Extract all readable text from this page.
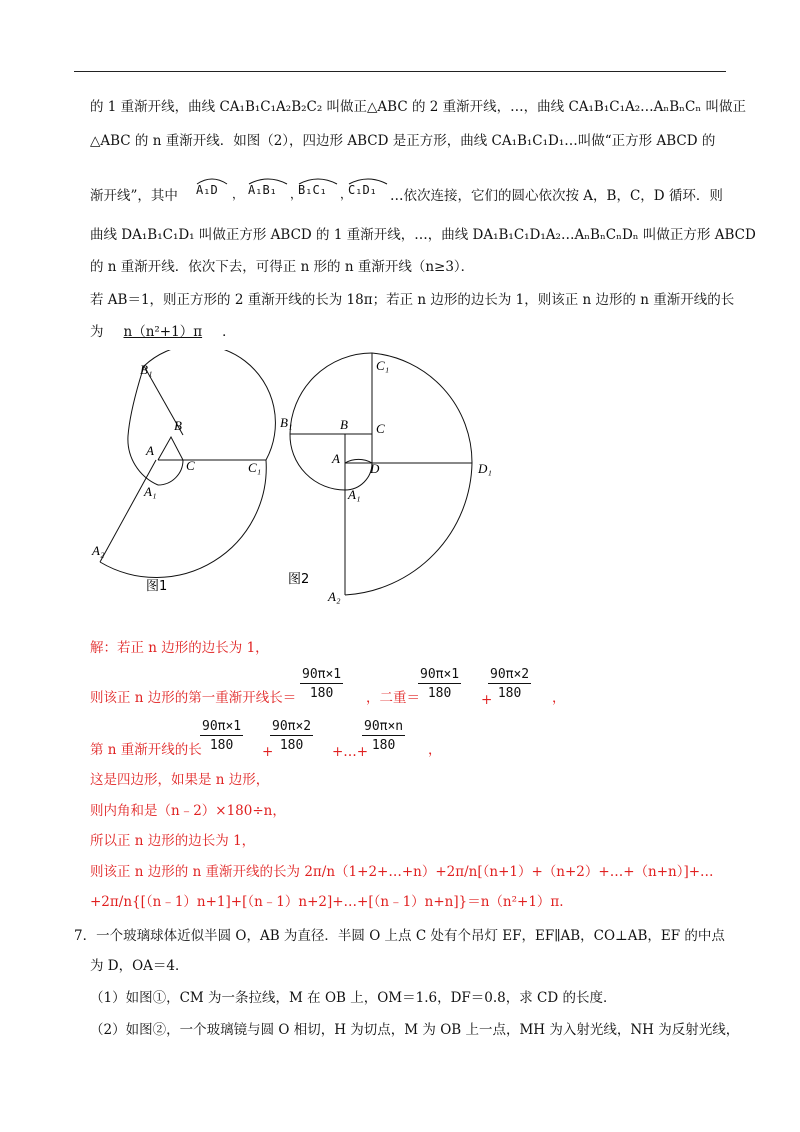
的 1 重渐开线，曲线 CA₁B₁C₁A₂B₂C₂ 叫做正△ABC 的 2 重渐开线，…，曲线 CA₁B₁C₁A₂…AₙBₙCₙ 叫做正
△ABC 的 n 重渐开线．如图（2），四边形 ABCD 是正方形，曲线 CA₁B₁C₁D₁…叫做“正方形 ABCD 的
渐开线”，其中 A₁D	， A₁B₁	，
B₁C₁	，
C₁D₁ …依次连接，它们的圆心依次按 A，B，C，D 循环．则
曲线 DA₁B₁C₁D₁ 叫做正方形 ABCD 的 1 重渐开线，…，曲线 DA₁B₁C₁D₁A₂…AₙBₙCₙDₙ 叫做正方形 ABCD
的 n 重渐开线．依次下去，可得正 n 形的 n 重渐开线（n≥3）．
若 AB＝1，则正方形的 2 重渐开线的长为 18π；若正 n 边形的边长为 1，则该正 n 边形的 n 重渐开线的长
为 n（n²+1）π ．
B₁
B
A
C	C₁
A₁
A₂
图1
C₁
B₁	B C
A
D	D₁
A₁
A₂
图2
解：若正 n 边形的边长为 1，
则该正 n 边形的第一重渐开线长＝ $\frac{90\pi\times 1}{180}$ ，二重＝
$\frac{90\pi\times 1}{180}$ +
$\frac{90\pi\times 2}{180}$ ，
第 n 重渐开线的长
$\frac{90\pi\times 1}{180}$ +
$\frac{90\pi\times 2}{180}$ +…+
$\frac{90\pi\times n}{180}$ ，
这是四边形，如果是 n 边形，
则内角和是（n﹣2）×180÷n，
所以正 n 边形的边长为 1，
则该正 n 边形的 n 重渐开线的长为 2π/n（1+2+…+n）+2π/n[（n+1）+（n+2）+…+（n+n）]+…
+2π/n{[（n﹣1）n+1]+[（n﹣1）n+2]+…+[（n﹣1）n+n]}＝n（n²+1）π.
7．一个玻璃球体近似半圆 O，AB 为直径．半圆 O 上点 C 处有个吊灯 EF，EF∥AB，CO⊥AB，EF 的中点
为 D，OA＝4．
（1）如图①，CM 为一条拉线，M 在 OB 上，OM＝1.6，DF＝0.8，求 CD 的长度．
（2）如图②，一个玻璃镜与圆 O 相切，H 为切点，M 为 OB 上一点，MH 为入射光线，NH 为反射光线，
